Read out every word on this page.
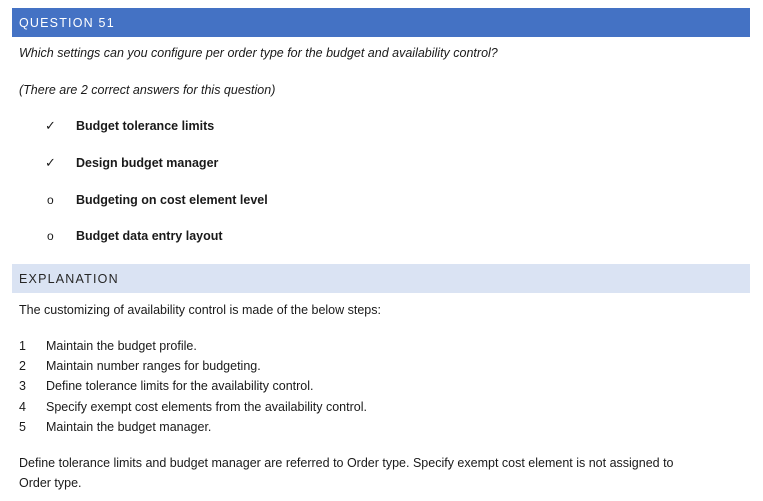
QUESTION 51
Which settings can you configure per order type for the budget and availability control?
(There are 2 correct answers for this question)
✓	Budget tolerance limits
✓	Design budget manager
o	Budgeting on cost element level
o	Budget data entry layout
EXPLANATION
The customizing of availability control is made of the below steps:
1	Maintain the budget profile.
2	Maintain number ranges for budgeting.
3	Define tolerance limits for the availability control.
4	Specify exempt cost elements from the availability control.
5	Maintain the budget manager.
Define tolerance limits and budget manager are referred to Order type. Specify exempt cost element is not assigned to
Order type.
